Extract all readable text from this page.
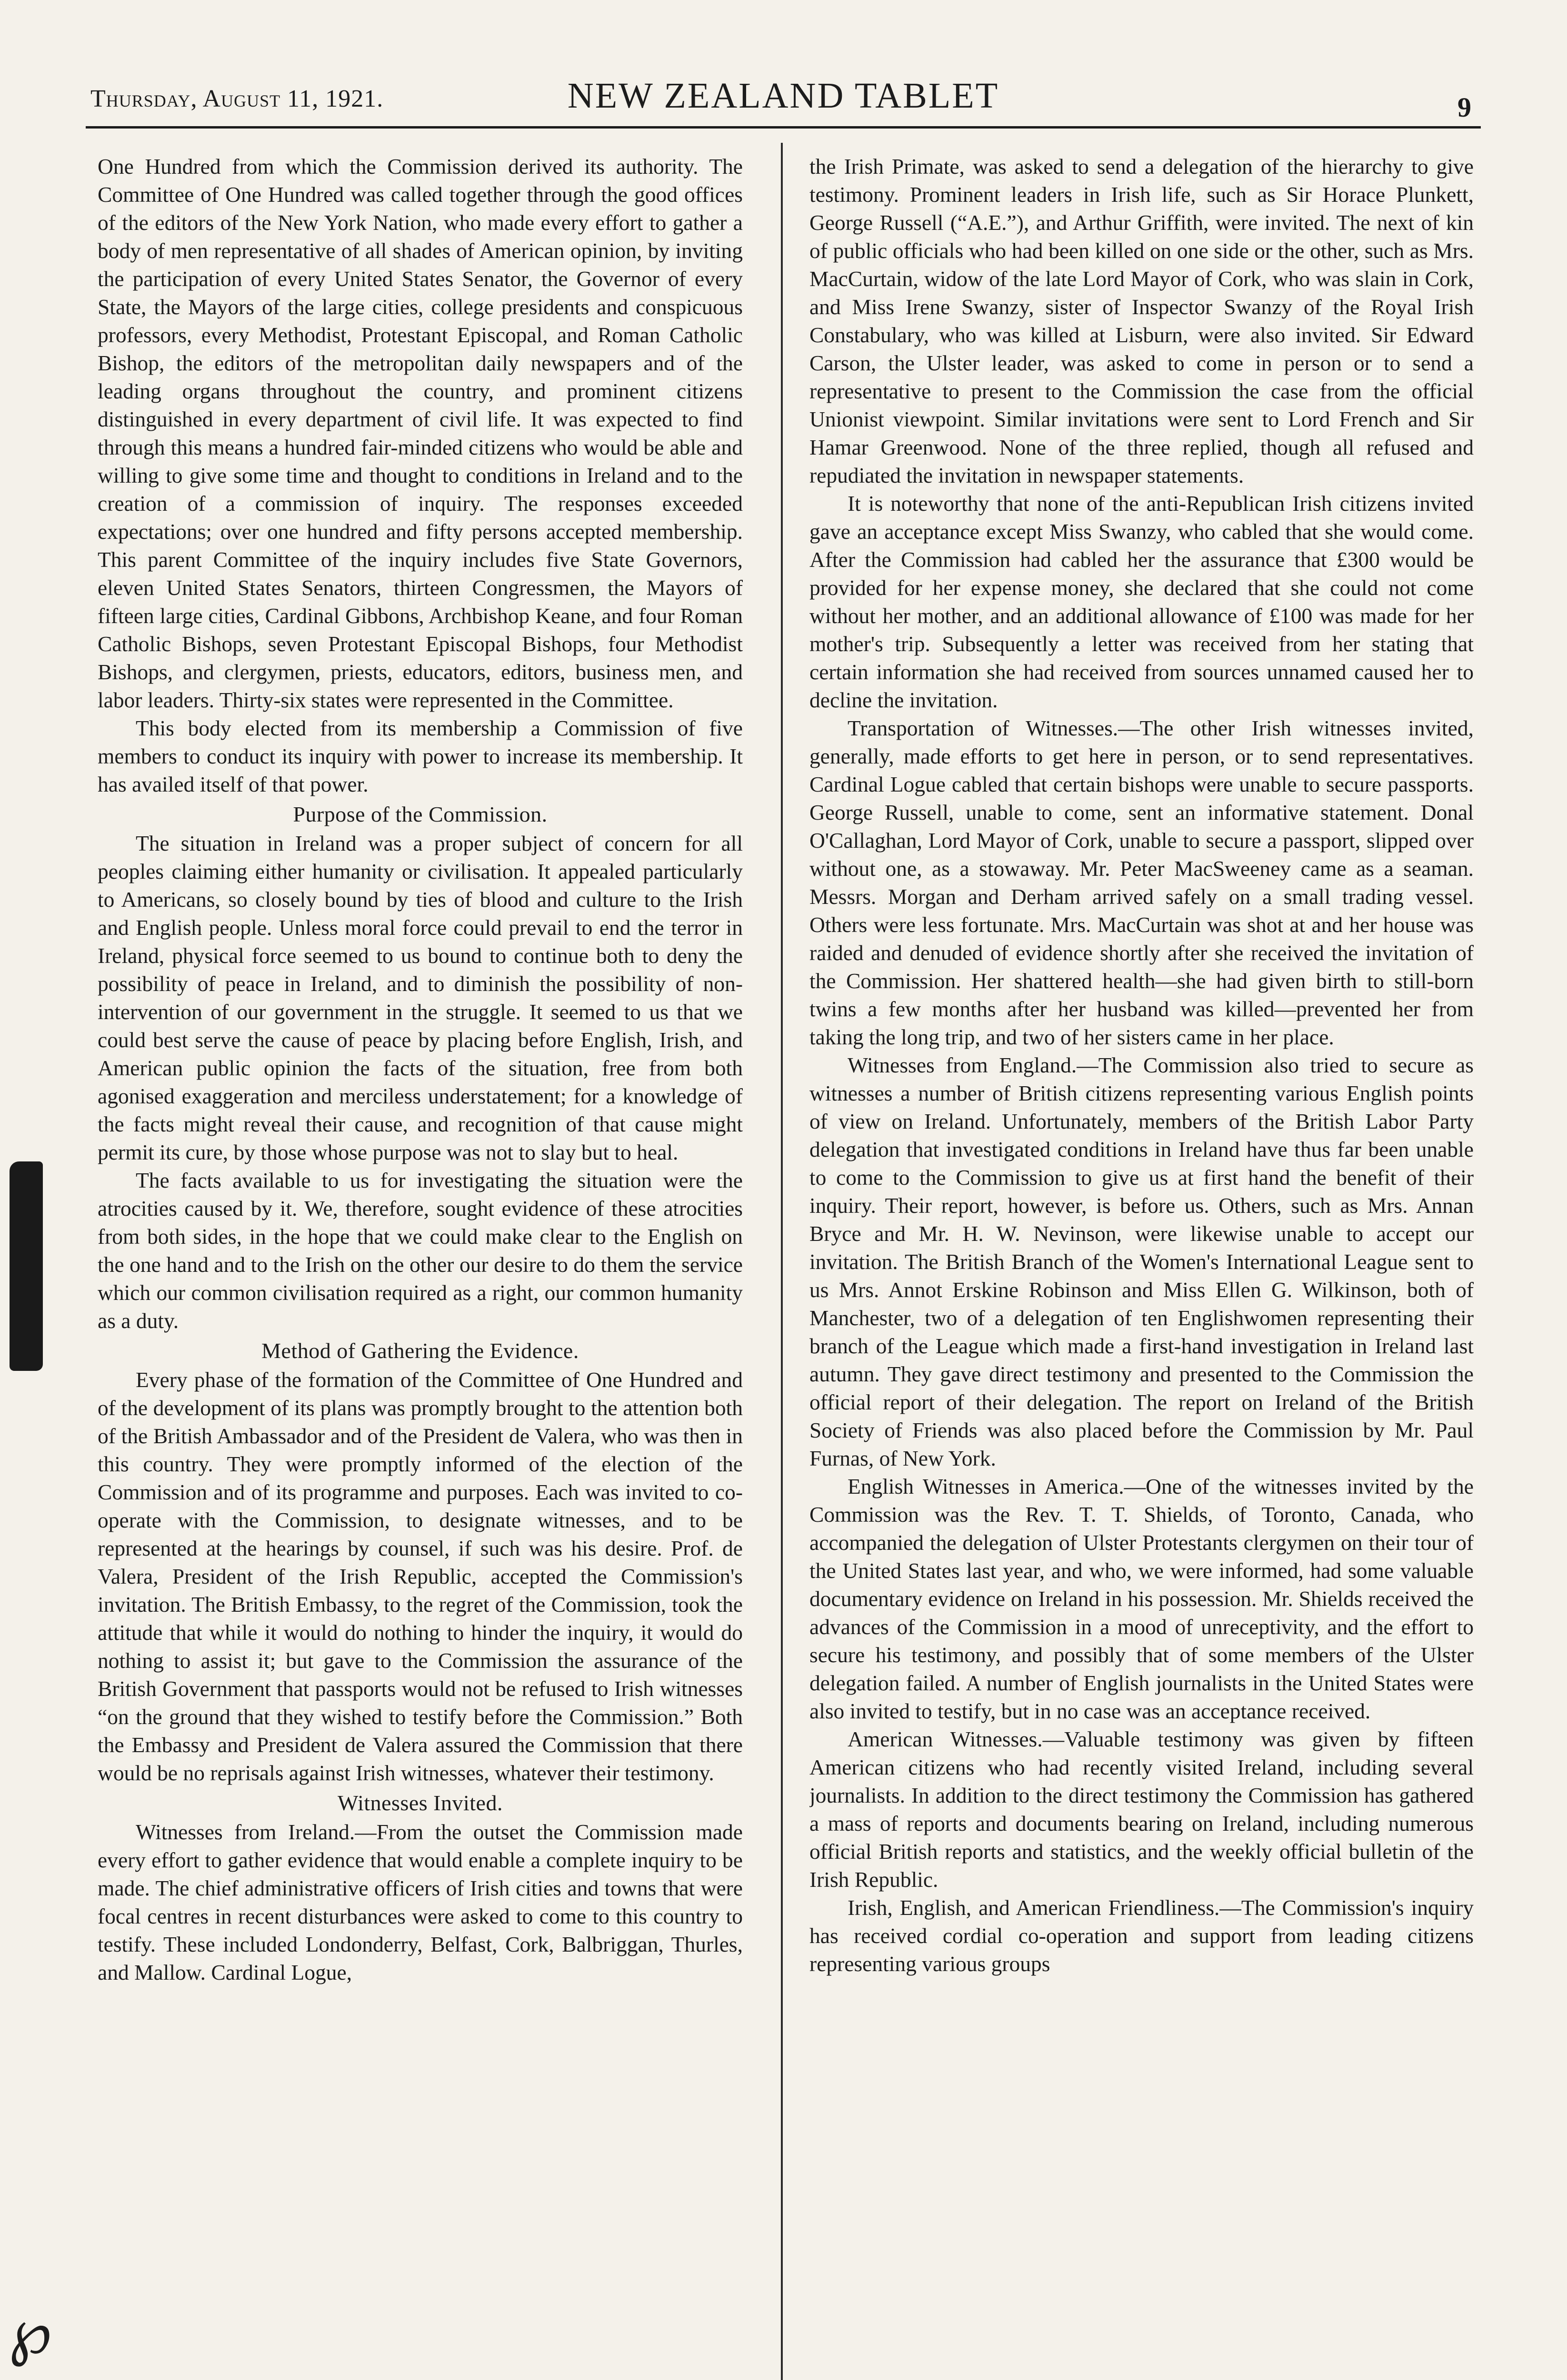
Thursday, August 11, 1921.	NEW ZEALAND TABLET	9
℘

One Hundred from which the Commission derived its authority. The Committee of One Hundred was called together through the good offices of the editors of the New York Nation, who made every effort to gather a body of men representative of all shades of American opinion, by inviting the participation of every United States Senator, the Governor of every State, the Mayors of the large cities, college presidents and conspicuous professors, every Methodist, Protestant Episcopal, and Roman Catholic Bishop, the editors of the metropolitan daily newspapers and of the leading organs throughout the country, and prominent citizens distinguished in every department of civil life. It was expected to find through this means a hundred fair-minded citizens who would be able and willing to give some time and thought to conditions in Ireland and to the creation of a commission of inquiry. The responses exceeded expectations; over one hundred and fifty persons accepted membership. This parent Committee of the inquiry includes five State Governors, eleven United States Senators, thirteen Congressmen, the Mayors of fifteen large cities, Cardinal Gibbons, Archbishop Keane, and four Roman Catholic Bishops, seven Protestant Episcopal Bishops, four Methodist Bishops, and clergymen, priests, educators, editors, business men, and labor leaders. Thirty-six states were represented in the Committee.

This body elected from its membership a Commission of five members to conduct its inquiry with power to increase its membership. It has availed itself of that power.

Purpose of the Commission.

The situation in Ireland was a proper subject of concern for all peoples claiming either humanity or civilisation. It appealed particularly to Americans, so closely bound by ties of blood and culture to the Irish and English people. Unless moral force could prevail to end the terror in Ireland, physical force seemed to us bound to continue both to deny the possibility of peace in Ireland, and to diminish the possibility of non-intervention of our government in the struggle. It seemed to us that we could best serve the cause of peace by placing before English, Irish, and American public opinion the facts of the situation, free from both agonised exaggeration and merciless understatement; for a knowledge of the facts might reveal their cause, and recognition of that cause might permit its cure, by those whose purpose was not to slay but to heal.

The facts available to us for investigating the situation were the atrocities caused by it. We, therefore, sought evidence of these atrocities from both sides, in the hope that we could make clear to the English on the one hand and to the Irish on the other our desire to do them the service which our common civilisation required as a right, our common humanity as a duty.

Method of Gathering the Evidence.

Every phase of the formation of the Committee of One Hundred and of the development of its plans was promptly brought to the attention both of the British Ambassador and of the President de Valera, who was then in this country. They were promptly informed of the election of the Commission and of its programme and purposes. Each was invited to co-operate with the Commission, to designate witnesses, and to be represented at the hearings by counsel, if such was his desire. Prof. de Valera, President of the Irish Republic, accepted the Commission's invitation. The British Embassy, to the regret of the Commission, took the attitude that while it would do nothing to hinder the inquiry, it would do nothing to assist it; but gave to the Commission the assurance of the British Government that passports would not be refused to Irish witnesses “on the ground that they wished to testify before the Commission.” Both the Embassy and President de Valera assured the Commission that there would be no reprisals against Irish witnesses, whatever their testimony.

Witnesses Invited.

Witnesses from Ireland.—From the outset the Commission made every effort to gather evidence that would enable a complete inquiry to be made. The chief administrative officers of Irish cities and towns that were focal centres in recent disturbances were asked to come to this country to testify. These included Londonderry, Belfast, Cork, Balbriggan, Thurles, and Mallow. Cardinal Logue,

the Irish Primate, was asked to send a delegation of the hierarchy to give testimony. Prominent leaders in Irish life, such as Sir Horace Plunkett, George Russell (“A.E.”), and Arthur Griffith, were invited. The next of kin of public officials who had been killed on one side or the other, such as Mrs. MacCurtain, widow of the late Lord Mayor of Cork, who was slain in Cork, and Miss Irene Swanzy, sister of Inspector Swanzy of the Royal Irish Constabulary, who was killed at Lisburn, were also invited. Sir Edward Carson, the Ulster leader, was asked to come in person or to send a representative to present to the Commission the case from the official Unionist viewpoint. Similar invitations were sent to Lord French and Sir Hamar Greenwood. None of the three replied, though all refused and repudiated the invitation in newspaper statements.

It is noteworthy that none of the anti-Republican Irish citizens invited gave an acceptance except Miss Swanzy, who cabled that she would come. After the Commission had cabled her the assurance that £300 would be provided for her expense money, she declared that she could not come without her mother, and an additional allowance of £100 was made for her mother's trip. Subsequently a letter was received from her stating that certain information she had received from sources unnamed caused her to decline the invitation.

Transportation of Witnesses.—The other Irish witnesses invited, generally, made efforts to get here in person, or to send representatives. Cardinal Logue cabled that certain bishops were unable to secure passports. George Russell, unable to come, sent an informative statement. Donal O'Callaghan, Lord Mayor of Cork, unable to secure a passport, slipped over without one, as a stowaway. Mr. Peter MacSweeney came as a seaman. Messrs. Morgan and Derham arrived safely on a small trading vessel. Others were less fortunate. Mrs. MacCurtain was shot at and her house was raided and denuded of evidence shortly after she received the invitation of the Commission. Her shattered health—she had given birth to still-born twins a few months after her husband was killed—prevented her from taking the long trip, and two of her sisters came in her place.

Witnesses from England.—The Commission also tried to secure as witnesses a number of British citizens representing various English points of view on Ireland. Unfortunately, members of the British Labor Party delegation that investigated conditions in Ireland have thus far been unable to come to the Commission to give us at first hand the benefit of their inquiry. Their report, however, is before us. Others, such as Mrs. Annan Bryce and Mr. H. W. Nevinson, were likewise unable to accept our invitation. The British Branch of the Women's International League sent to us Mrs. Annot Erskine Robinson and Miss Ellen G. Wilkinson, both of Manchester, two of a delegation of ten Englishwomen representing their branch of the League which made a first-hand investigation in Ireland last autumn. They gave direct testimony and presented to the Commission the official report of their delegation. The report on Ireland of the British Society of Friends was also placed before the Commission by Mr. Paul Furnas, of New York.

English Witnesses in America.—One of the witnesses invited by the Commission was the Rev. T. T. Shields, of Toronto, Canada, who accompanied the delegation of Ulster Protestants clergymen on their tour of the United States last year, and who, we were informed, had some valuable documentary evidence on Ireland in his possession. Mr. Shields received the advances of the Commission in a mood of unreceptivity, and the effort to secure his testimony, and possibly that of some members of the Ulster delegation failed. A number of English journalists in the United States were also invited to testify, but in no case was an acceptance received.

American Witnesses.—Valuable testimony was given by fifteen American citizens who had recently visited Ireland, including several journalists. In addition to the direct testimony the Commission has gathered a mass of reports and documents bearing on Ireland, including numerous official British reports and statistics, and the weekly official bulletin of the Irish Republic.

Irish, English, and American Friendliness.—The Commission's inquiry has received cordial co-operation and support from leading citizens representing various groups
